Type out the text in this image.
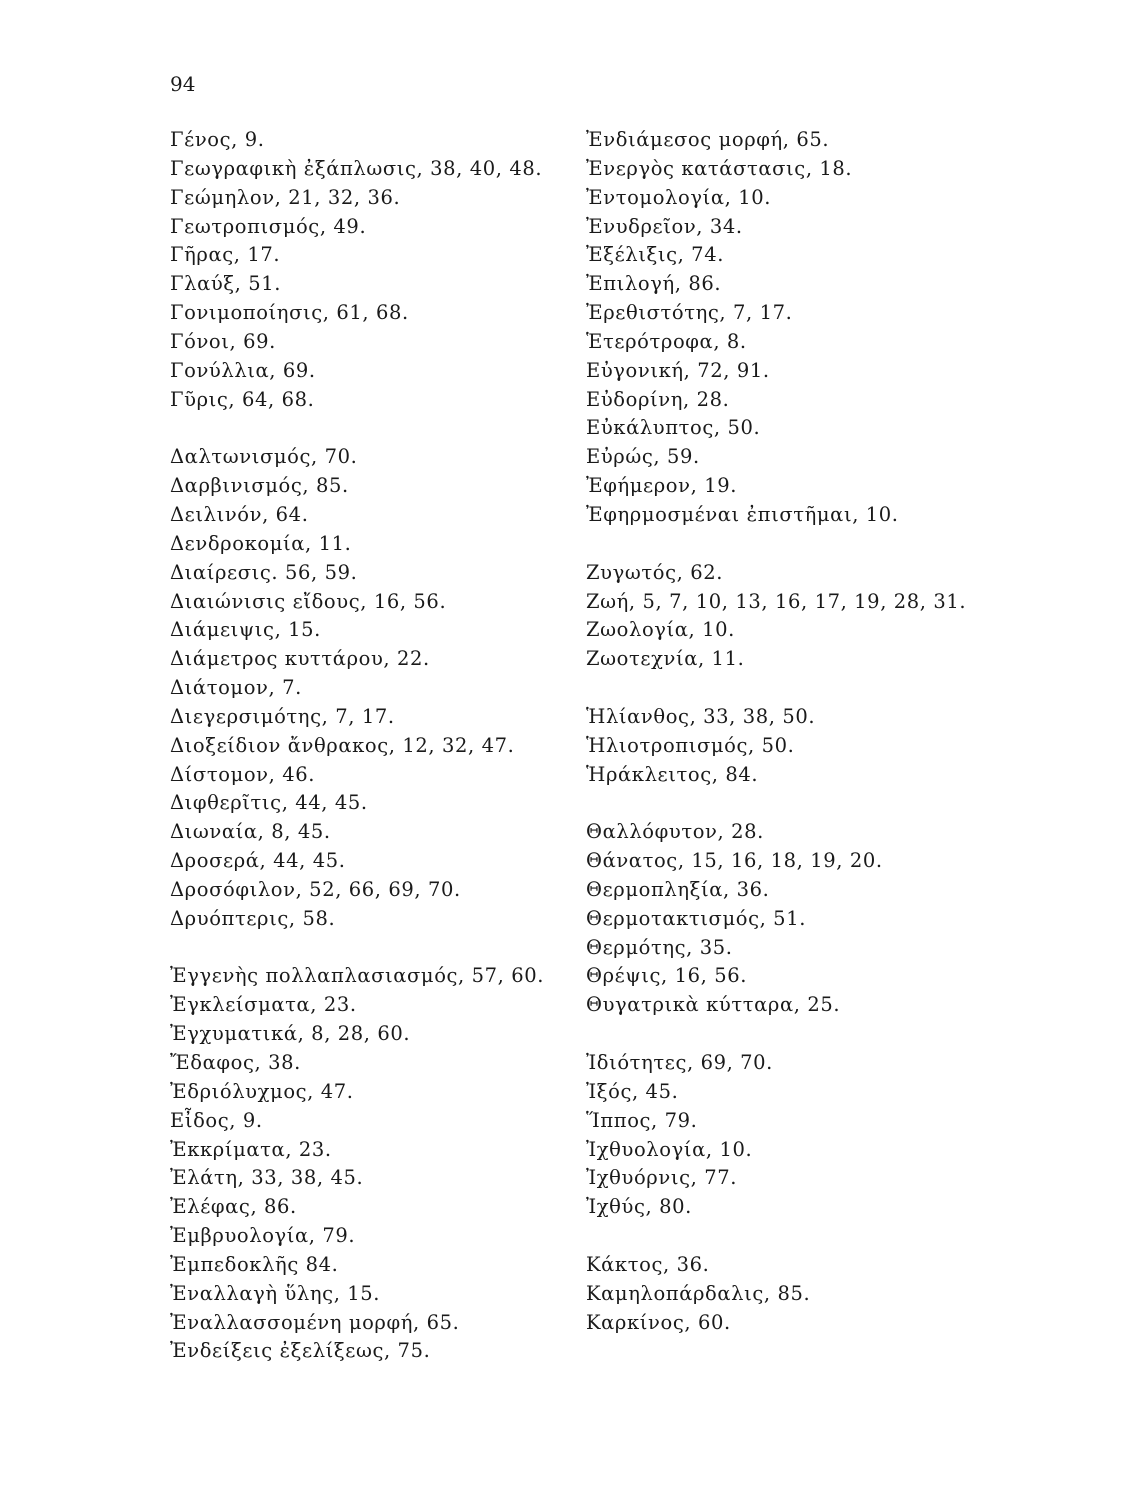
94
Γένος, 9.
Γεωγραφικὴ ἐξάπλωσις, 38, 40, 48.
Γεώμηλον, 21, 32, 36.
Γεωτροπισμός, 49.
Γῆρας, 17.
Γλαύξ, 51.
Γονιμοποίησις, 61, 68.
Γόνοι, 69.
Γονύλλια, 69.
Γῦρις, 64, 68.
Δαλτωνισμός, 70.
Δαρβινισμός, 85.
Δειλινόν, 64.
Δενδροκομία, 11.
Διαίρεσις. 56, 59.
Διαιώνισις εἴδους, 16, 56.
Διάμειψις, 15.
Διάμετρος κυττάρου, 22.
Διάτομον, 7.
Διεγερσιμότης, 7, 17.
Διοξείδιον ἄνθρακος, 12, 32, 47.
Δίστομον, 46.
Διφθερῖτις, 44, 45.
Διωναία, 8, 45.
Δροσερά, 44, 45.
Δροσόφιλον, 52, 66, 69, 70.
Δρυόπτερις, 58.
Ἐγγενὴς πολλαπλασιασμός, 57, 60.
Ἐγκλείσματα, 23.
Ἐγχυματικά, 8, 28, 60.
Ἔδαφος, 38.
Ἐδριόλυχμος, 47.
Εἶδος, 9.
Ἐκκρίματα, 23.
Ἐλάτη, 33, 38, 45.
Ἐλέφας, 86.
Ἐμβρυολογία, 79.
Ἐμπεδοκλῆς 84.
Ἐναλλαγὴ ὕλης, 15.
Ἐναλλασσομένη μορφή, 65.
Ἐνδείξεις ἐξελίξεως, 75.
Ἐνδιάμεσος μορφή, 65.
Ἐνεργὸς κατάστασις, 18.
Ἐντομολογία, 10.
Ἐνυδρεῖον, 34.
Ἐξέλιξις, 74.
Ἐπιλογή, 86.
Ἐρεθιστότης, 7, 17.
Ἑτερότροφα, 8.
Εὐγονική, 72, 91.
Εὐδορίνη, 28.
Εὐκάλυπτος, 50.
Εὐρώς, 59.
Ἐφήμερον, 19.
Ἐφηρμοσμέναι ἐπιστῆμαι, 10.
Ζυγωτός, 62.
Ζωή, 5, 7, 10, 13, 16, 17, 19, 28, 31.
Ζωολογία, 10.
Ζωοτεχνία, 11.
Ἡλίανθος, 33, 38, 50.
Ἡλιοτροπισμός, 50.
Ἡράκλειτος, 84.
Θαλλόφυτον, 28.
Θάνατος, 15, 16, 18, 19, 20.
Θερμοπληξία, 36.
Θερμοτακτισμός, 51.
Θερμότης, 35.
Θρέψις, 16, 56.
Θυγατρικὰ κύτταρα, 25.
Ἰδιότητες, 69, 70.
Ἰξός, 45.
Ἵππος, 79.
Ἰχθυολογία, 10.
Ἰχθυόρνις, 77.
Ἰχθύς, 80.
Κάκτος, 36.
Καμηλοπάρδαλις, 85.
Καρκίνος, 60.
